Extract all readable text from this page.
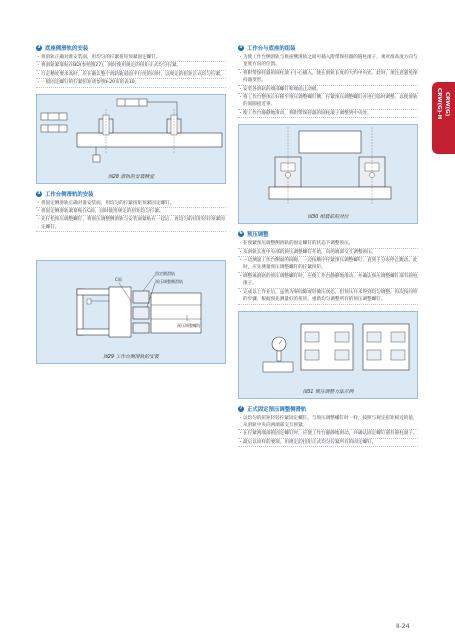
CRW(G)-H CRW(G)
3 底座侧滑轨的安装
・ 将滑轨正确对准安装面，用均匀的拧紧扭矩预紧固定螺钉。
・ 将滑轨紧靠贴在BD(参照图27)，同时使用规定的扭矩正式均匀拧紧。
・ 行走精度要求高时，应在确认整个滑轨轨道面平行度的同时，以规定的扭矩正式均匀拧紧。
・ 一般固定螺钉的拧紧扭矩请参照Ⅱ-20页的表10。
图28 滑轨的安装精度
4 工作台侧滑轨的安装
・ 将固定侧滑轨正确对准安装面，用均匀的拧紧扭矩预紧固定螺钉。
・ 将固定侧滑轨紧靠贴在C面，同时使用规定的扭矩均匀拧紧。
・ 先拧松预压调整螺钉，将预压调整侧滑轨与安装面紧贴在一起后，再均匀的扭矩轻轻预紧固定螺钉。
固定侧滑轨
预压调整侧滑轨
C面
预压调整螺钉
图29 工作台侧滑轨的安装
5 工作台与底座的组装
・ 为使工作台侧滑轨与底座侧滑轨之间可插入附带保持器的圆柱滚子，须对准高度方向与宽度方向的位置。
・ 将附带保持器的圆柱滚子小心插入，使在滑轨长度的大约中央处。此时，须注意避免保持器变形。
・ 安装各滑轨的端部螺钉和端面止动板。
・ 将工作台整体正好移至预压调整螺钉侧，拧紧预压调整螺钉并进行临时调整，以使滑轨的间隙接近零。
・ 使工作台静静地滑动，将附带保持器的圆柱滚子调整到中央处。
图30 组装前的对位
6 预压调整
・ 在预紧预压调整侧滑轨的固定螺钉的状态下调整预压。
・ 从滑轨长度中央部的预压调整螺钉开始，向两端部交互调整预压。
・ 一边测量工作台侧面的间隙，一边按顺序拧紧预压调整螺钉，直到千分表停止跳动。此时，应先测量预压调整螺钉的拧紧扭矩。
・ 调整离滑轨的预压调整螺钉时，应使工作台静静地滑动，并确认预压调整螺钉部有圆柱滚子。
・ 完成以上作业后，虽然为零间隙或轻微压状态，但预压并未得到均匀调整。再次按同样的步骤，根据预先测量好的扭矩，重新均匀调整所有的预压调整螺钉。
图31 预压调整方法示例
7 正式固定预压调整侧滑轨
・ 以均匀的扭矩轻轻拧紧固定螺钉。与预压调整螺钉时一样，按照与规定扭矩相近的值，从滑轨中央向两端部交互预紧。
・ 在拧紧两端部的固定螺钉时，应使工作台静静地滑动，并确认固定螺钉部有圆柱滚子。
・ 最后以同样的要领，用规定的扭矩正式均匀拧紧所有的固定螺钉。
Ⅱ-24
